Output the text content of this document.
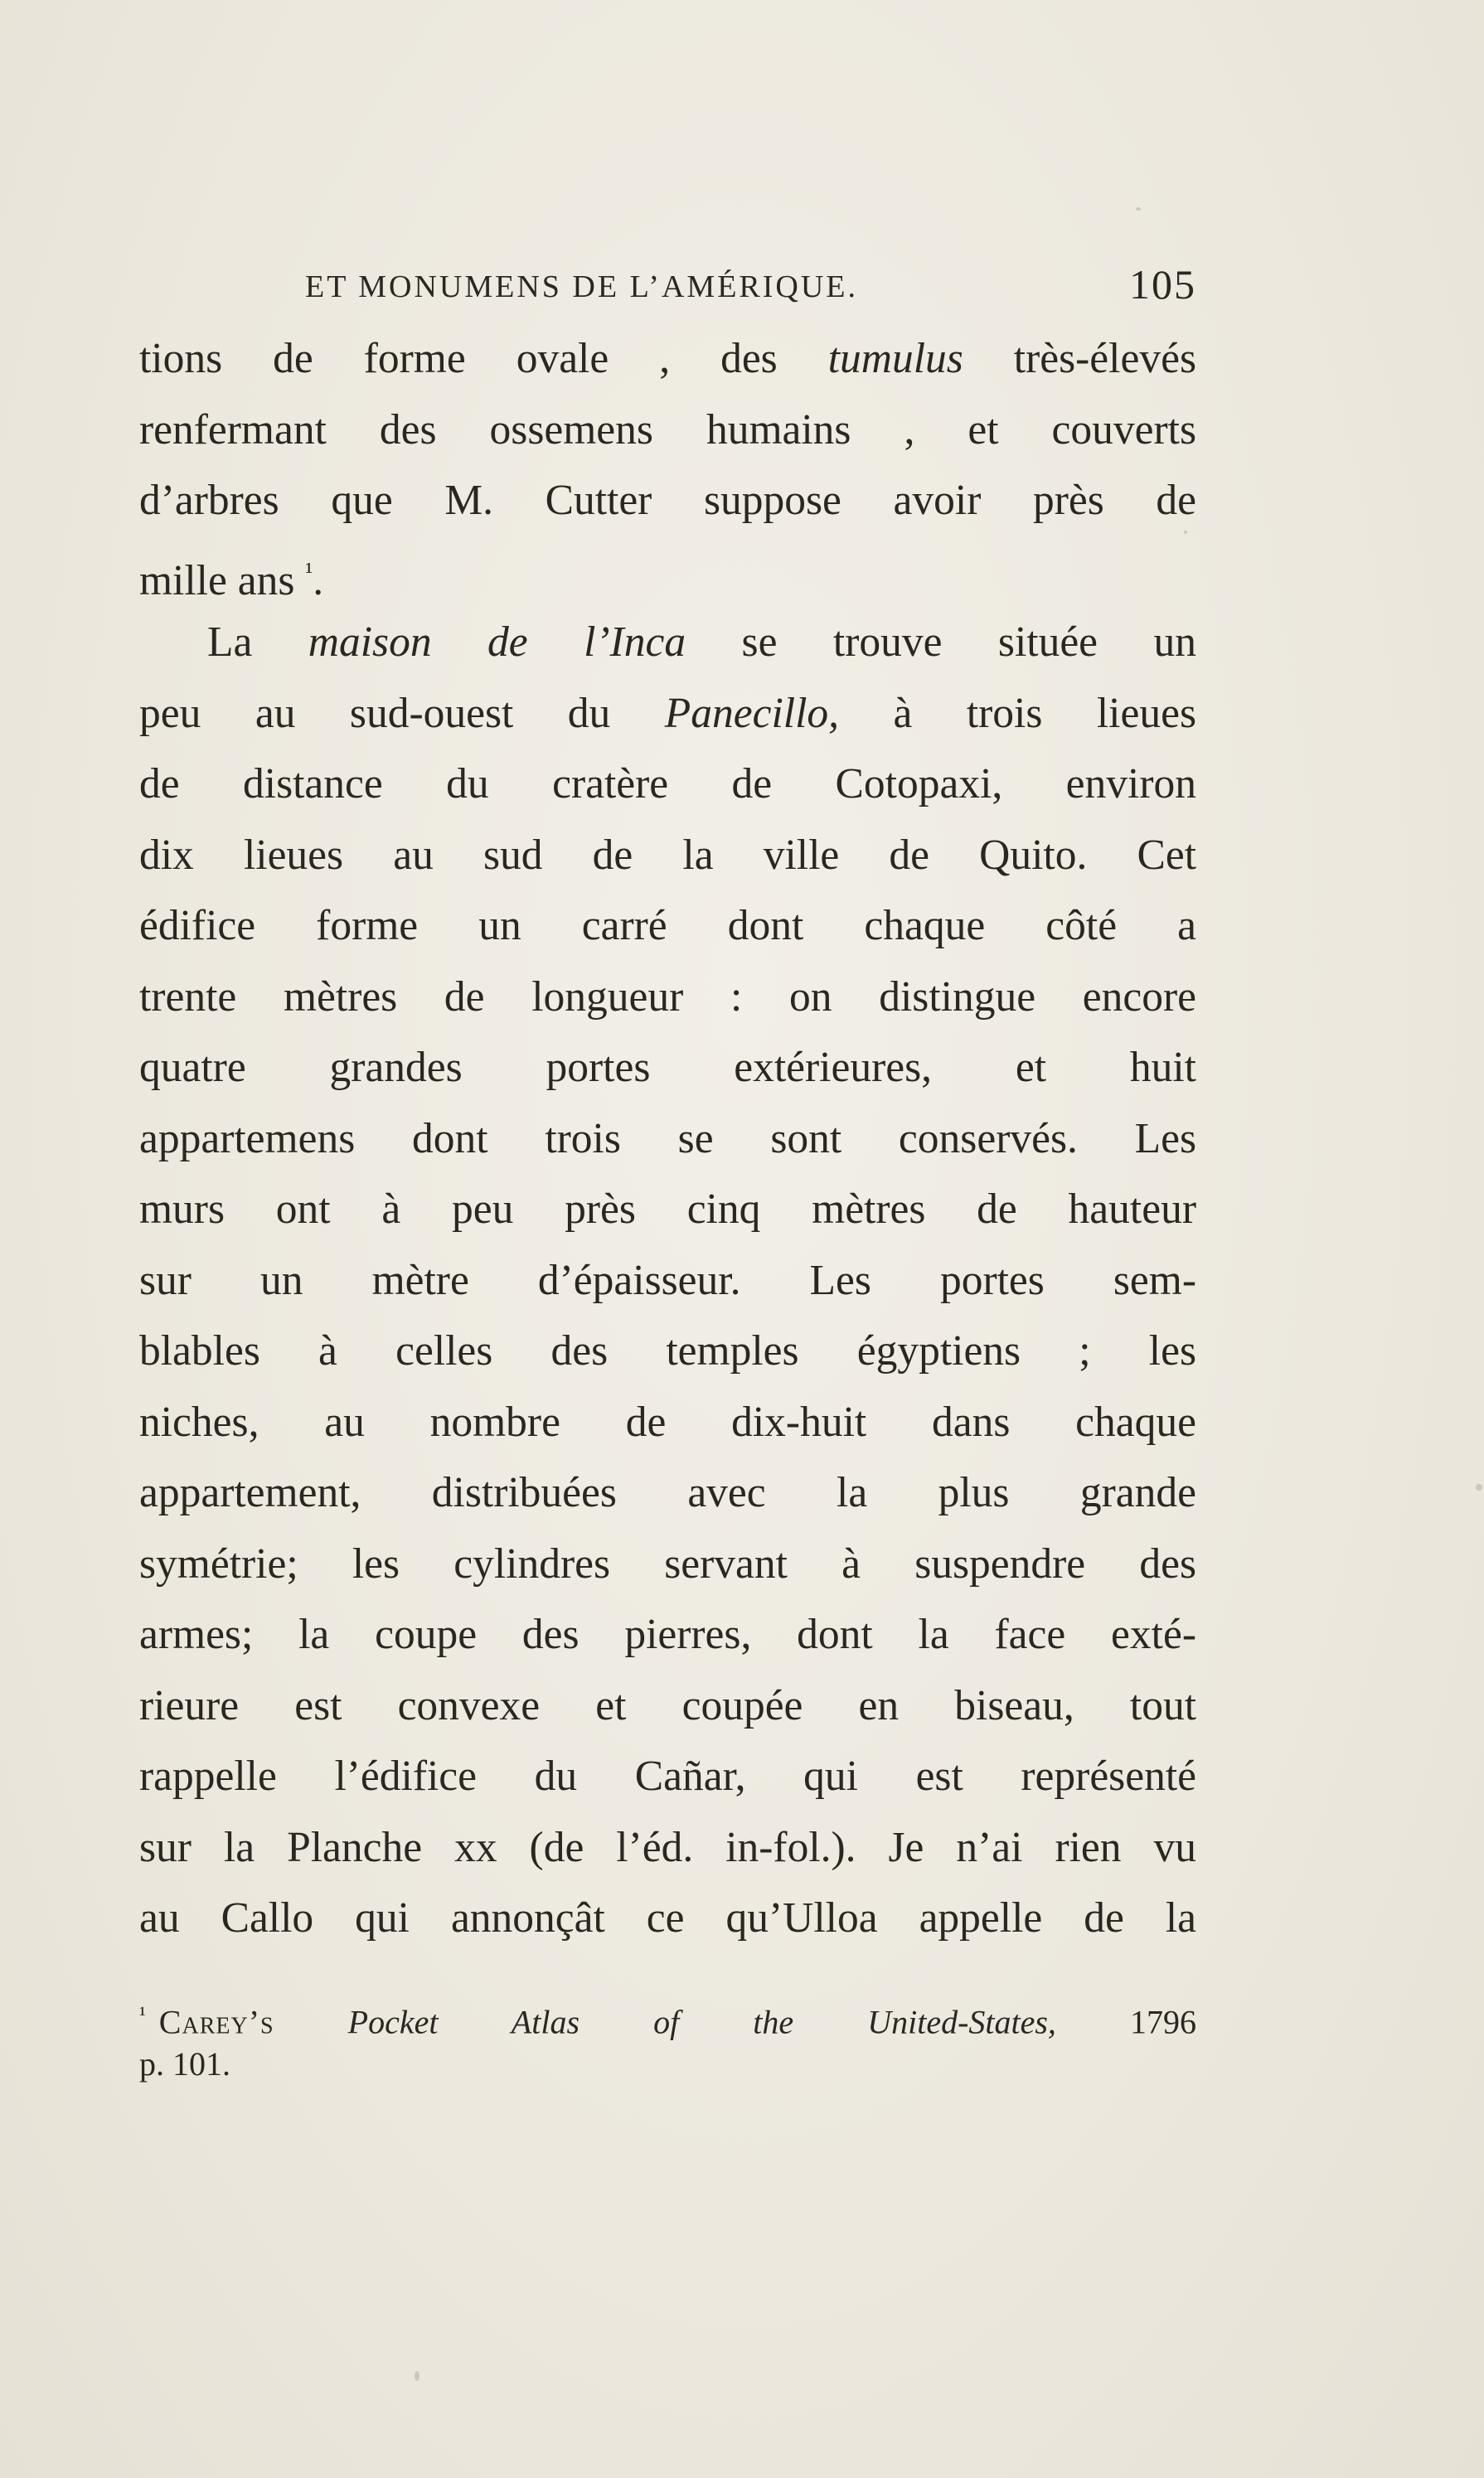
ET MONUMENS DE L’AMÉRIQUE.	105
tions de forme ovale , des tumulus très-élevés
renfermant des ossemens humains , et couverts
d’arbres que M. Cutter suppose avoir près de
mille ans $^{^1}$.
La maison de l’Inca se trouve située un
peu au sud-ouest du Panecillo, à trois lieues
de distance du cratère de Cotopaxi, environ
dix lieues au sud de la ville de Quito. Cet
édifice forme un carré dont chaque côté a
trente mètres de longueur : on distingue encore
quatre grandes portes extérieures, et huit
appartemens dont trois se sont conservés. Les
murs ont à peu près cinq mètres de hauteur
sur un mètre d’épaisseur. Les portes sem-
blables à celles des temples égyptiens ; les
niches, au nombre de dix-huit dans chaque
appartement, distribuées avec la plus grande
symétrie; les cylindres servant à suspendre des
armes; la coupe des pierres, dont la face exté-
rieure est convexe et coupée en biseau, tout
rappelle l’édifice du Cañar, qui est représenté
sur la Planche xx (de l’éd. in-fol.). Je n’ai rien vu
au Callo qui annonçât ce qu’Ulloa appelle de la
$^{^1}$ Carey’s Pocket Atlas of the United-States, 1796
p. 101.
